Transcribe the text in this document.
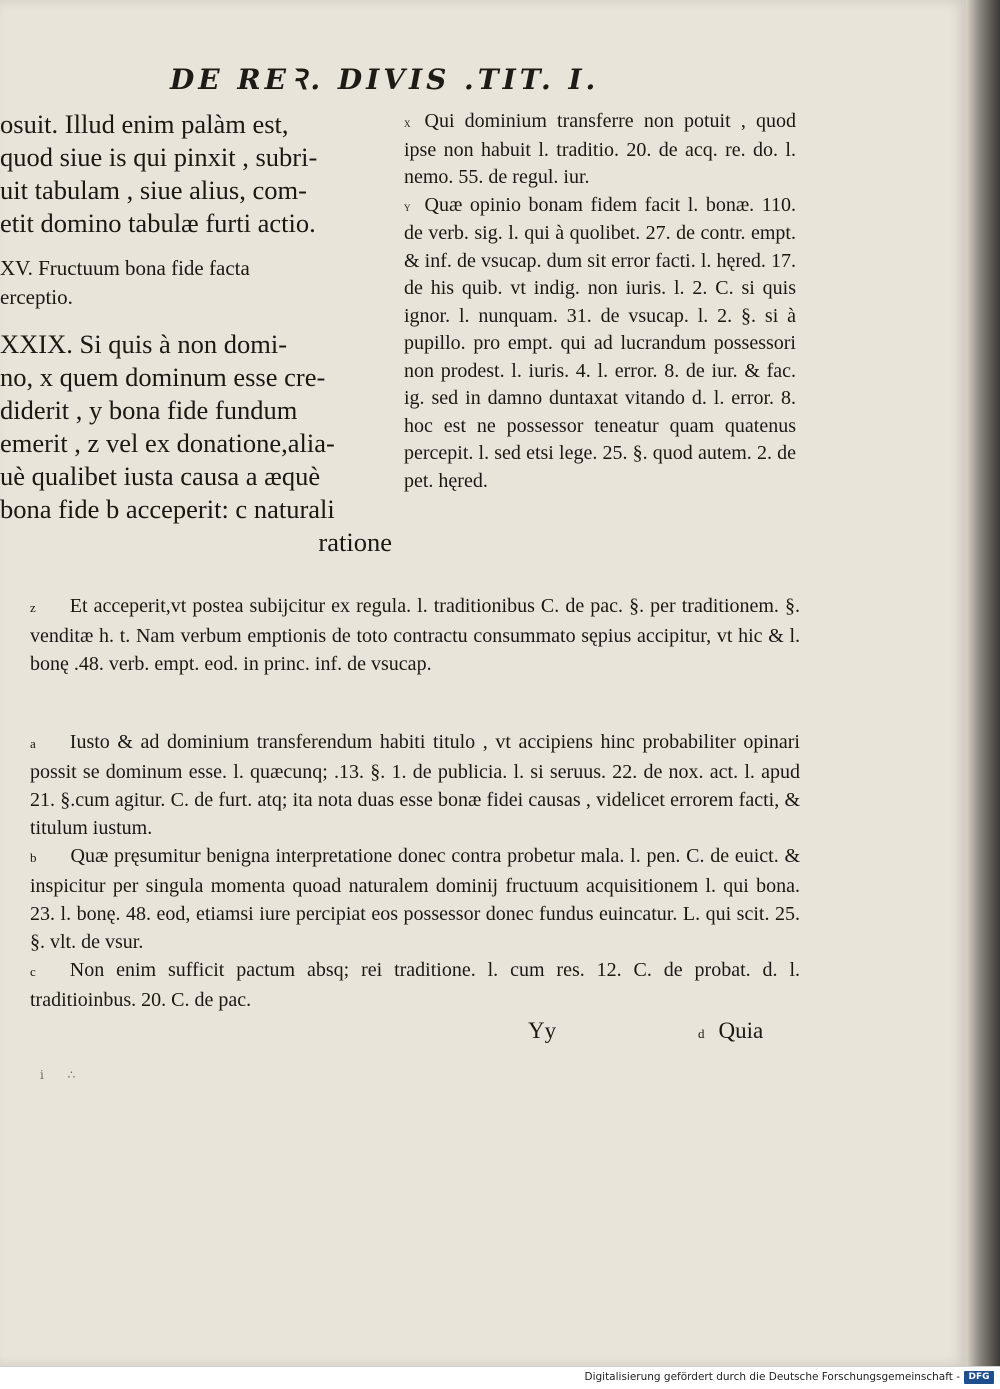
DE REꝚ. DIVIS .TIT. I.

osuit. Illud enim palàm est,

quod siue is qui pinxit , subri-

uit tabulam , siue alius, com-

etit domino tabulæ furti actio.

XV. Fructuum bona fide facta

erceptio.

XXIX. Si quis à non domi-

no, x quem dominum esse cre-

diderit , y bona fide fundum

emerit , z vel ex donatione,alia-

uè qualibet iusta causa a æquè

bona fide b acceperit: c naturali

ratione

x Qui dominium transferre non potuit , quod ipse non habuit l. traditio. 20. de acq. re. do. l. nemo. 55. de regul. iur.

y Quæ opinio bonam fidem facit l. bonæ. 110. de verb. sig. l. qui à quolibet. 27. de contr. empt. & inf. de vsucap. dum sit error facti. l. hęred. 17. de his quib. vt indig. non iuris. l. 2. C. si quis ignor. l. nunquam. 31. de vsucap. l. 2. §. si à pupillo. pro empt. qui ad lucrandum possessori non prodest. l. iuris. 4. l. error. 8. de iur. & fac. ig. sed in damno duntaxat vitando d. l. error. 8. hoc est ne possessor teneatur quam quatenus percepit. l. sed etsi lege. 25. §. quod autem. 2. de pet. hęred.

z Et acceperit,vt postea subijcitur ex regula. l. traditionibus C. de pac. §. per traditionem. §. venditæ h. t. Nam verbum emptionis de toto contractu consummato sępius accipitur, vt hic & l. bonę .48. verb. empt. eod. in princ. inf. de vsucap.

a Iusto & ad dominium transferendum habiti titulo , vt accipiens hinc probabiliter opinari possit se dominum esse. l. quæcunq; .13. §. 1. de publicia. l. si seruus. 22. de nox. act. l. apud 21. §.cum agitur. C. de furt. atq; ita nota duas esse bonæ fidei causas , videlicet errorem facti, & titulum iustum.

b Quæ pręsumitur benigna interpretatione donec contra probetur mala. l. pen. C. de euict. & inspicitur per singula momenta quoad naturalem dominij fructuum acquisitionem l. qui bona. 23. l. bonę. 48. eod, etiamsi iure percipiat eos possessor donec fundus euincatur. L. qui scit. 25. §. vlt. de vsur.

c Non enim sufficit pactum absq; rei traditione. l. cum res. 12. C. de probat. d. l. traditioinbus. 20. C. de pac.

Yy	d Quia
i ∴
Digitalisierung gefördert durch die Deutsche Forschungsgemeinschaft - DFG
